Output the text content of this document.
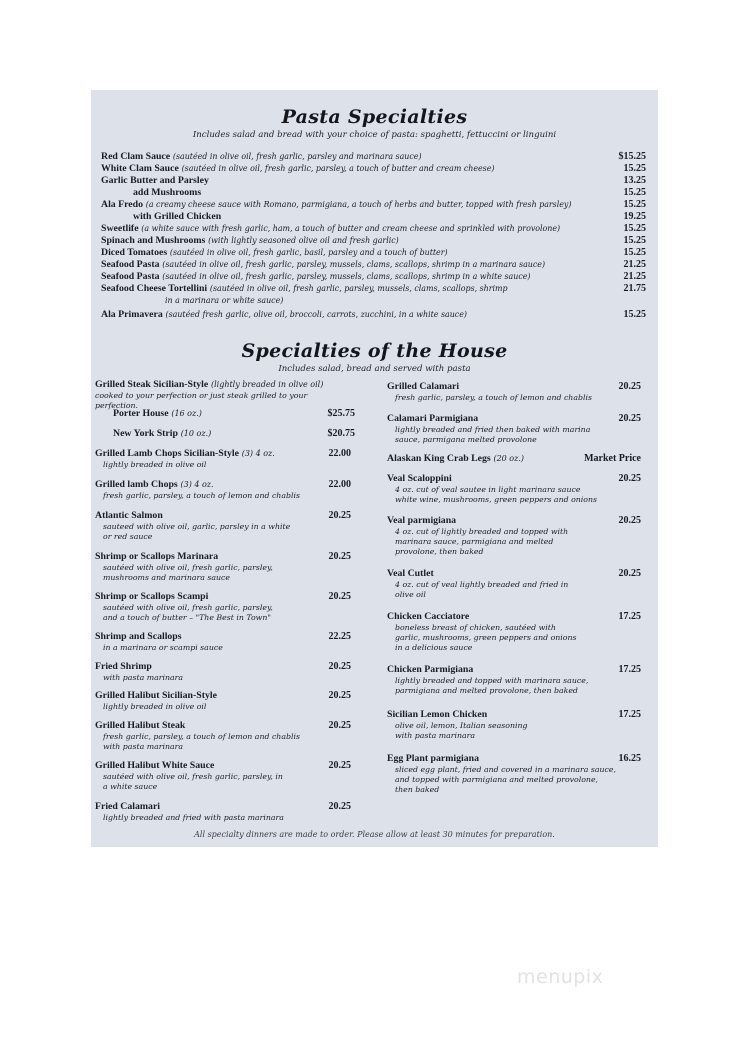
Pasta Specialties
Includes salad and bread with your choice of pasta: spaghetti, fettuccini or linguini
Red Clam Sauce (sautéed in olive oil, fresh garlic, parsley and marinara sauce)	$15.25
White Clam Sauce (sautéed in olive oil, fresh garlic, parsley, a touch of butter and cream cheese)	15.25
Garlic Butter and Parsley	13.25
add Mushrooms	15.25
Ala Fredo (a creamy cheese sauce with Romano, parmigiana, a touch of herbs and butter, topped with fresh parsley)	15.25
with Grilled Chicken	19.25
Sweetlife (a white sauce with fresh garlic, ham, a touch of butter and cream cheese and sprinkled with provolone)	15.25
Spinach and Mushrooms (with lightly seasoned olive oil and fresh garlic)	15.25
Diced Tomatoes (sautéed in olive oil, fresh garlic, basil, parsley and a touch of butter)	15.25
Seafood Pasta (sautéed in olive oil, fresh garlic, parsley, mussels, clams, scallops, shrimp in a marinara sauce)	21.25
Seafood Pasta (sautéed in olive oil, fresh garlic, parsley, mussels, clams, scallops, shrimp in a white sauce)	21.25
Seafood Cheese Tortellini (sautéed in olive oil, fresh garlic, parsley, mussels, clams, scallops, shrimp	21.75
in a marinara or white sauce)
Ala Primavera (sautéed fresh garlic, olive oil, broccoli, carrots, zucchini, in a white sauce)	15.25
Specialties of the House
Includes salad, bread and served with pasta
Grilled Steak Sicilian-Style (lightly breaded in olive oil)
cooked to your perfection or just steak grilled to your perfection.
Porter House (16 oz.)	$25.75
New York Strip (10 oz.)	$20.75
Grilled Lamb Chops Sicilian-Style (3) 4 oz.	22.00
lightly breaded in olive oil
Grilled lamb Chops (3) 4 oz.	22.00
fresh garlic, parsley, a touch of lemon and chablis
Atlantic Salmon	20.25
sauteed with olive oil, garlic, parsley in a white
or red sauce
Shrimp or Scallops Marinara	20.25
sautéed with olive oil, fresh garlic, parsley,
mushrooms and marinara sauce
Shrimp or Scallops Scampi	20.25
sautéed with olive oil, fresh garlic, parsley,
and a touch of butter – "The Best in Town"
Shrimp and Scallops	22.25
in a marinara or scampi sauce
Fried Shrimp	20.25
with pasta marinara
Grilled Halibut Sicilian-Style	20.25
lightly breaded in olive oil
Grilled Halibut Steak	20.25
fresh garlic, parsley, a touch of lemon and chablis
with pasta marinara
Grilled Halibut White Sauce	20.25
sautéed with olive oil, fresh garlic, parsley, in
a white sauce
Fried Calamari	20.25
lightly breaded and fried with pasta marinara
Grilled Calamari	20.25
fresh garlic, parsley, a touch of lemon and chablis
Calamari Parmigiana	20.25
lightly breaded and fried then baked with marina
sauce, parmigana melted provolone
Alaskan King Crab Legs (20 oz.)	Market Price
Veal Scaloppini	20.25
4 oz. cut of veal sautee in light marinara sauce
white wine, mushrooms, green peppers and onions
Veal parmigiana	20.25
4 oz. cut of lightly breaded and topped with
marinara sauce, parmigiana and melted
provolone, then baked
Veal Cutlet	20.25
4 oz. cut of veal lightly breaded and fried in
olive oil
Chicken Cacciatore	17.25
boneless breast of chicken, sautéed with
garlic, mushrooms, green peppers and onions
in a delicious sauce
Chicken Parmigiana	17.25
lightly breaded and topped with marinara sauce,
parmigiana and melted provolone, then baked
Sicilian Lemon Chicken	17.25
olive oil, lemon, Italian seasoning
with pasta marinara
Egg Plant parmigiana	16.25
sliced egg plant, fried and covered in a marinara sauce,
and topped with parmigiana and melted provolone,
then baked
All specialty dinners are made to order. Please allow at least 30 minutes for preparation.
menupix
